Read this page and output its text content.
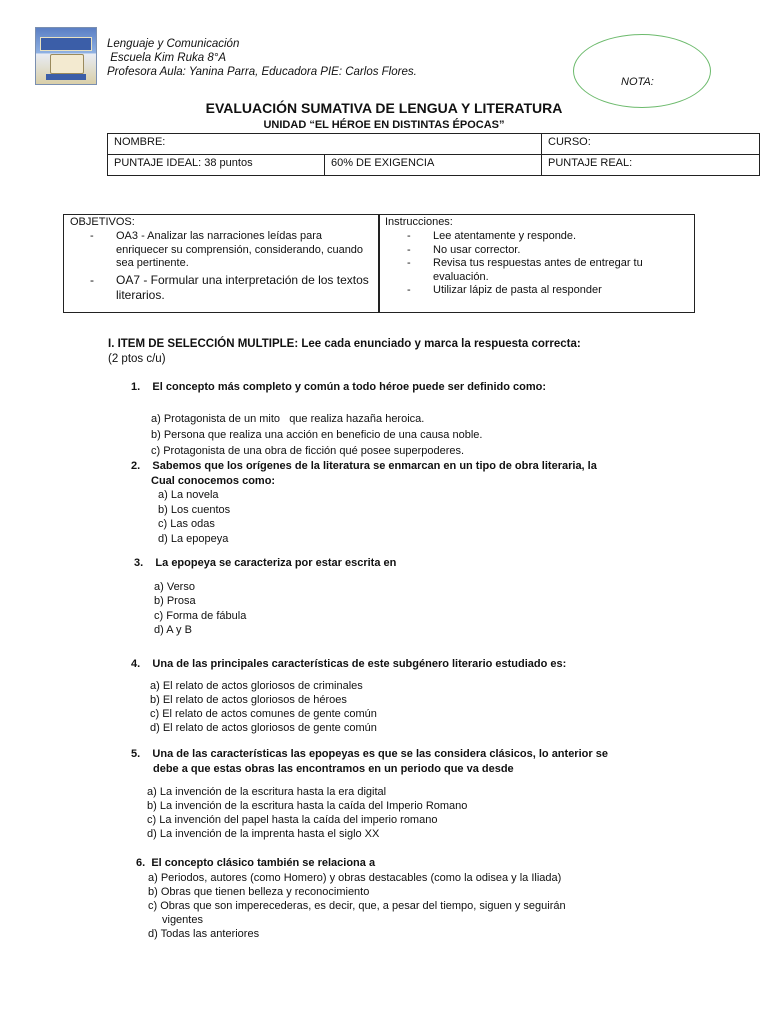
Lenguaje y Comunicación
Escuela Kim Ruka 8°A
Profesora Aula: Yanina Parra, Educadora PIE: Carlos Flores.
NOTA:
EVALUACIÓN SUMATIVA DE LENGUA Y LITERATURA
UNIDAD “EL HÉROE EN DISTINTAS ÉPOCAS”
NOMBRE:		CURSO:
PUNTAJE IDEAL: 38 puntos	60% DE EXIGENCIA	PUNTAJE REAL:
OBJETIVOS:
- OA3 - Analizar las narraciones leídas para enriquecer su comprensión, considerando, cuando sea pertinente.
- OA7 - Formular una interpretación de los textos literarios.
Instrucciones:
- Lee atentamente y responde.
- No usar corrector.
- Revisa tus respuestas antes de entregar tu evaluación.
- Utilizar lápiz de pasta al responder
I. ITEM DE SELECCIÓN MULTIPLE: Lee cada enunciado y marca la respuesta correcta:
(2 ptos c/u)
1. El concepto más completo y común a todo héroe puede ser definido como:

a) Protagonista de un mito   que realiza hazaña heroica.
b) Persona que realiza una acción en beneficio de una causa noble.
c) Protagonista de una obra de ficción qué posee superpoderes.

2. Sabemos que los orígenes de la literatura se enmarcan en un tipo de obra literaria, la
Cual conocemos como:
a) La novela
b) Los cuentos
c) Las odas
d) La epopeya
3. La epopeya se caracteriza por estar escrita en
a) Verso
b) Prosa
c) Forma de fábula
d) A y B
4. Una de las principales características de este subgénero literario estudiado es:
a) El relato de actos gloriosos de criminales
b) El relato de actos gloriosos de héroes
c) El relato de actos comunes de gente común
d) El relato de actos gloriosos de gente común
5. Una de las características las epopeyas es que se las considera clásicos, lo anterior se
debe a que estas obras las encontramos en un periodo que va desde
a) La invención de la escritura hasta la era digital
b) La invención de la escritura hasta la caída del Imperio Romano
c) La invención del papel hasta la caída del imperio romano
d) La invención de la imprenta hasta el siglo XX
6. El concepto clásico también se relaciona a
a) Periodos, autores (como Homero) y obras destacables (como la odisea y la Iliada)
b) Obras que tienen belleza y reconocimiento
c) Obras que son imperecederas, es decir, que, a pesar del tiempo, siguen y seguirán
vigentes
d) Todas las anteriores
